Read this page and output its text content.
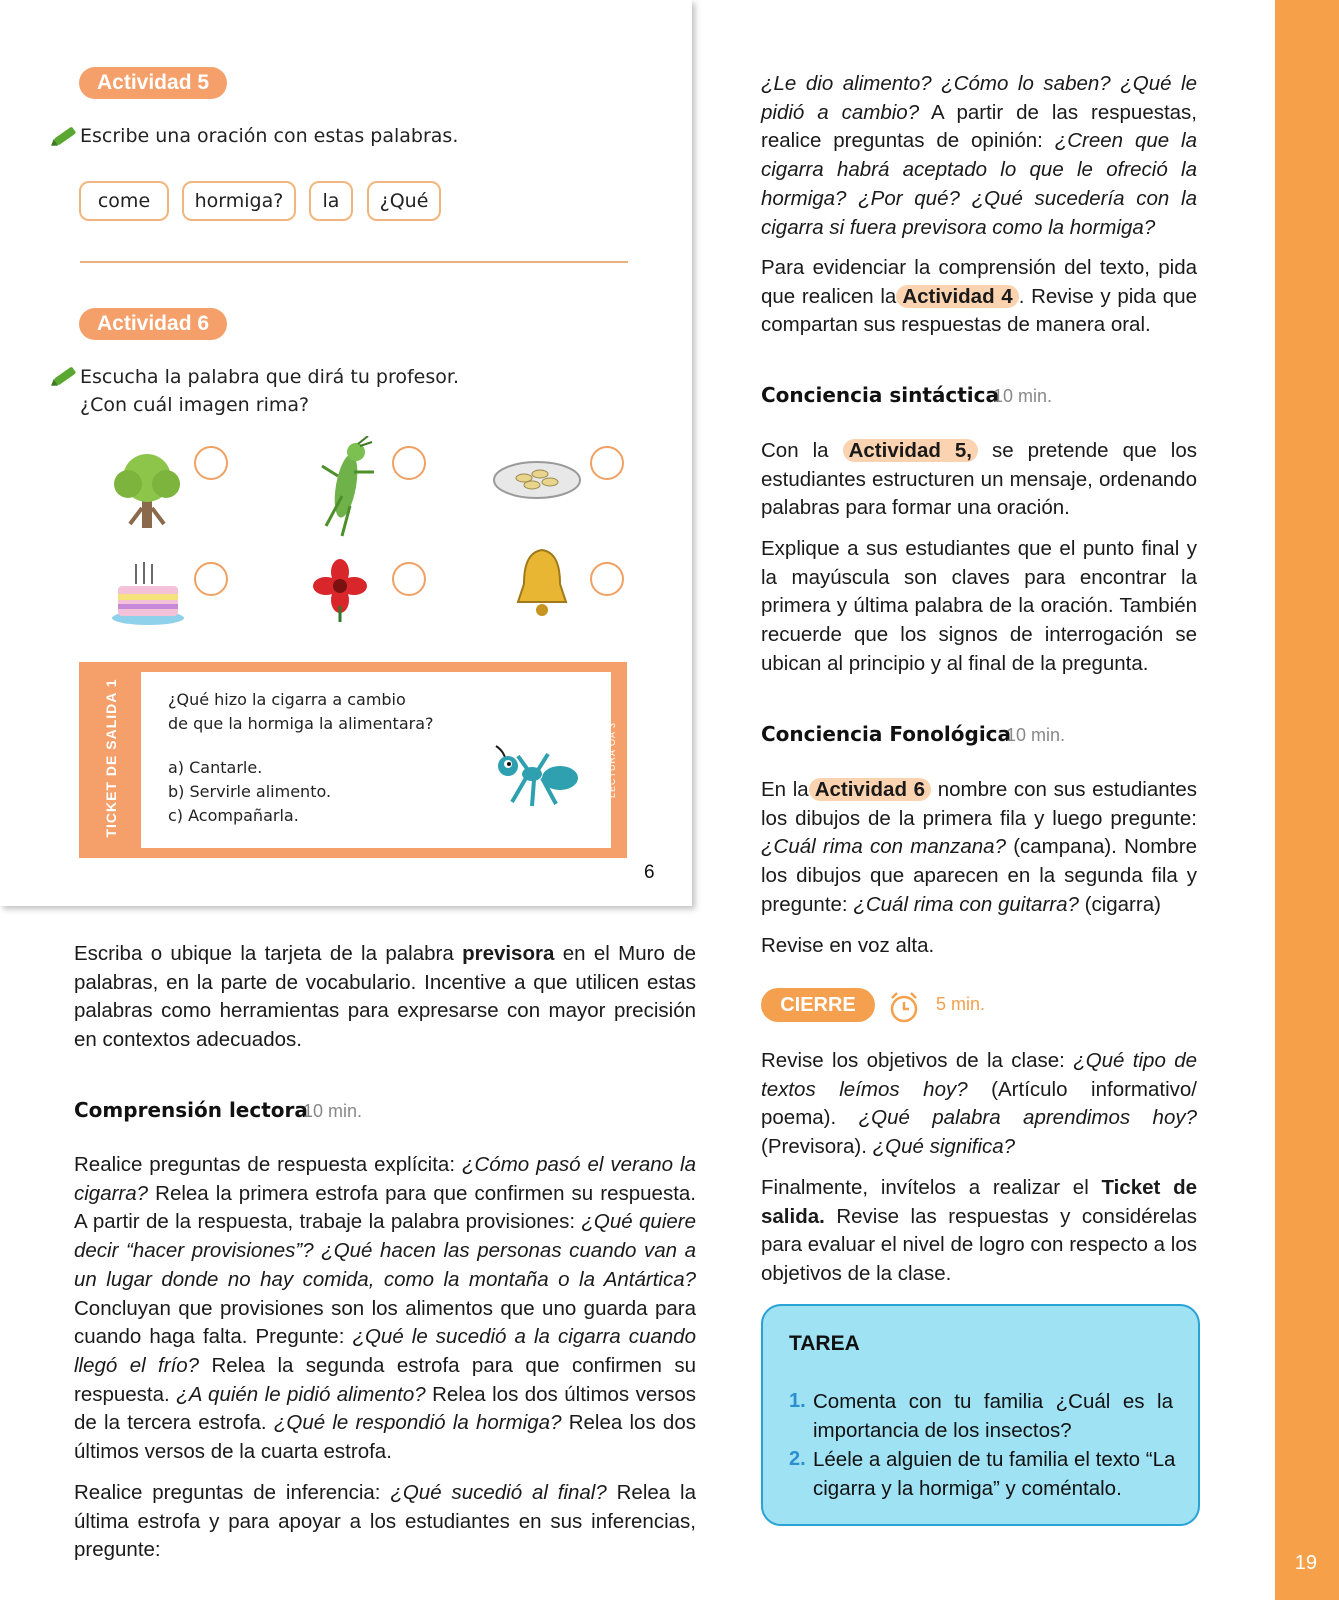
19
Actividad 5
Escribe una oración con estas palabras.
come	hormiga?	la	¿Qué
Actividad 6
Escucha la palabra que dirá tu profesor.
¿Con cuál imagen rima?
TICKET DE SALIDA 1	LECTURA OA 3
¿Qué hizo la cigarra a cambio
de que la hormiga la alimentara?
a) Cantarle.
b) Servirle alimento.
c) Acompañarla.
6
Escriba o ubique la tarjeta de la palabra previsora en el Muro de palabras, en la parte de vocabulario. Incentive a que utilicen estas palabras como herramientas para expresarse con mayor precisión en contextos adecuados.
Comprensión lectora
10 min.
Realice preguntas de respuesta explícita: ¿Cómo pasó el verano la cigarra? Relea la primera estrofa para que confirmen su respuesta. A partir de la respuesta, trabaje la palabra provisiones: ¿Qué quiere decir “hacer provisiones”? ¿Qué hacen las personas cuando van a un lugar donde no hay comida, como la montaña o la Antártica? Concluyan que provisiones son los alimentos que uno guarda para cuando haga falta. Pregunte: ¿Qué le sucedió a la cigarra cuando llegó el frío? Relea la segunda estrofa para que confirmen su respuesta. ¿A quién le pidió alimento? Relea los dos últimos versos de la tercera estrofa. ¿Qué le respondió la hormiga? Relea los dos últimos versos de la cuarta estrofa.
Realice preguntas de inferencia: ¿Qué sucedió al final? Relea la última estrofa y para apoyar a los estudiantes en sus inferencias, pregunte:
¿Le dio alimento? ¿Cómo lo saben? ¿Qué le pidió a cambio? A partir de las respuestas, realice preguntas de opinión: ¿Creen que la cigarra habrá aceptado lo que le ofreció la hormiga? ¿Por qué? ¿Qué sucedería con la cigarra si fuera previsora como la hormiga?
Para evidenciar la comprensión del texto, pida que realicen la Actividad 4 . Revise y pida que compartan sus respuestas de manera oral.
Conciencia sintáctica
10 min.
Con la Actividad 5, se pretende que los estudiantes estructuren un mensaje, ordenando palabras para formar una oración.
Explique a sus estudiantes que el punto final y la mayúscula son claves para encontrar la primera y última palabra de la oración. También recuerde que los signos de interrogación se ubican al principio y al final de la pregunta.
Conciencia Fonológica
10 min.
En la Actividad 6 nombre con sus estudiantes los dibujos de la primera fila y luego pregunte: ¿Cuál rima con manzana? (campana). Nombre los dibujos que aparecen en la segunda fila y pregunte: ¿Cuál rima con guitarra? (cigarra)
Revise en voz alta.
CIERRE	5 min.
Revise los objetivos de la clase: ¿Qué tipo de textos leímos hoy? (Artículo informativo/ poema). ¿Qué palabra aprendimos hoy? (Previsora). ¿Qué significa?
Finalmente, invítelos a realizar el Ticket de salida. Revise las respuestas y considérelas para evaluar el nivel de logro con respecto a los objetivos de la clase.
TAREA
1. Comenta con tu familia ¿Cuál es la importancia de los insectos?
2. Léele a alguien de tu familia el texto “La cigarra y la hormiga” y coméntalo.
